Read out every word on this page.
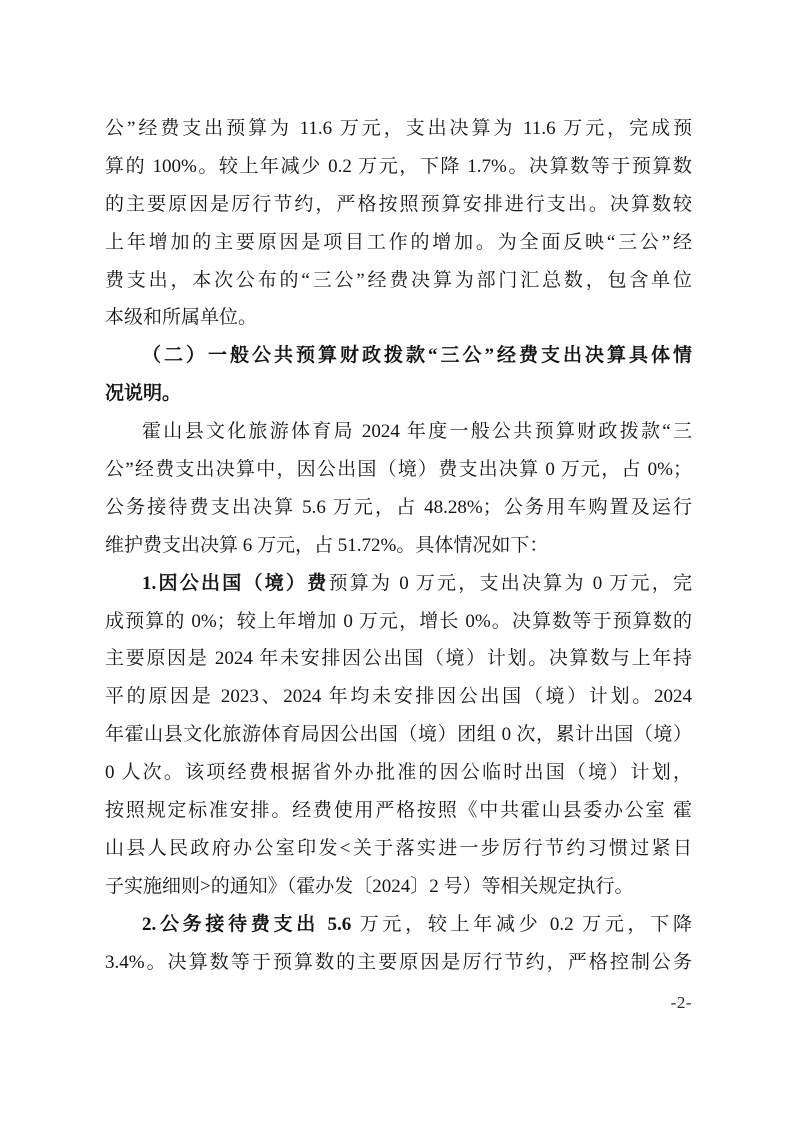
公”经费支出预算为 11.6 万元，支出决算为 11.6 万元，完成预
算的 100%。较上年减少 0.2 万元，下降 1.7%。决算数等于预算数
的主要原因是厉行节约，严格按照预算安排进行支出。决算数较
上年增加的主要原因是项目工作的增加。为全面反映“三公”经
费支出，本次公布的“三公”经费决算为部门汇总数，包含单位
本级和所属单位。
（二）一般公共预算财政拨款“三公”经费支出决算具体情
况说明。
霍山县文化旅游体育局 2024 年度一般公共预算财政拨款“三
公”经费支出决算中，因公出国（境）费支出决算 0 万元，占 0%；
公务接待费支出决算 5.6 万元，占 48.28%；公务用车购置及运行
维护费支出决算 6 万元，占 51.72%。具体情况如下：
1.因公出国（境）费预算为 0 万元，支出决算为 0 万元，完
成预算的 0%；较上年增加 0 万元，增长 0%。决算数等于预算数的
主要原因是 2024 年未安排因公出国（境）计划。决算数与上年持
平的原因是 2023、2024 年均未安排因公出国（境）计划。2024
年霍山县文化旅游体育局因公出国（境）团组 0 次，累计出国（境）
0 人次。该项经费根据省外办批准的因公临时出国（境）计划，
按照规定标准安排。经费使用严格按照《中共霍山县委办公室 霍
山县人民政府办公室印发<关于落实进一步厉行节约习惯过紧日
子实施细则>的通知》（霍办发〔2024〕2 号）等相关规定执行。
2.公务接待费支出 5.6 万元，较上年减少 0.2 万元，下降
3.4%。决算数等于预算数的主要原因是厉行节约，严格控制公务
-2-
